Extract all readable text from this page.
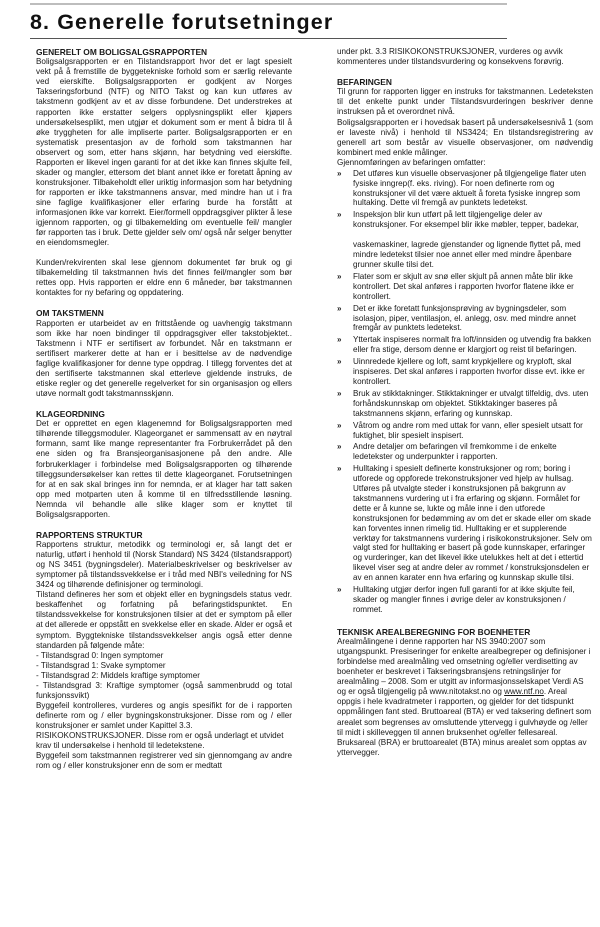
8. Generelle forutsetninger

GENERELT OM BOLIGSALGSRAPPORTEN

Boligsalgsrapporten er en Tilstandsrapport hvor det er lagt spesielt vekt på å fremstille de byggetekniske forhold som er særlig relevante ved eierskifte. Boligsalgsrapporten er godkjent av Norges Takseringsforbund (NTF) og NITO Takst og kan kun utføres av takstmenn godkjent av et av disse forbundene. Det understrekes at rapporten ikke erstatter selgers opplysningsplikt eller kjøpers undersøkelsesplikt, men utgjør et dokument som er ment å bidra til å øke tryggheten for alle impliserte parter. Boligsalgsrapporten er en systematisk presentasjon av de forhold som takstmannen har observert og som, etter hans skjønn, har betydning ved eierskifte. Rapporten er likevel ingen garanti for at det ikke kan finnes skjulte feil, skader og mangler, ettersom det blant annet ikke er foretatt åpning av konstruksjoner. Tilbakeholdt eller uriktig informasjon som har betydning for rapporten er ikke takstmannens ansvar, med mindre han ut i fra sine faglige kvalifikasjoner eller erfaring burde ha forstått at informasjonen ikke var korrekt. Eier/formell oppdragsgiver plikter å lese igjennom rapporten, og gi tilbakemelding om eventuelle feil/ mangler før rapporten tas i bruk. Dette gjelder selv om/ også når selger benytter en eiendomsmegler.

Kunden/rekvirenten skal lese gjennom dokumentet før bruk og gi tilbakemelding til takstmannen hvis det finnes feil/mangler som bør rettes opp. Hvis rapporten er eldre enn 6 måneder, bør takstmannen kontaktes for ny befaring og oppdatering.

OM TAKSTMENN

Rapporten er utarbeidet av en frittstående og uavhengig takstmann som ikke har noen bindinger til oppdragsgiver eller takstobjektet.. Takstmenn i NTF er sertifisert av forbundet. Når en takstmann er sertifisert markerer dette at han er i besittelse av de nødvendige faglige kvalifikasjoner for denne type oppdrag. I tillegg forventes det at den sertifiserte takstmannen skal etterleve gjeldende instruks, de etiske regler og det generelle regelverket for sin organisasjon og ellers utøve normalt godt takstmannsskjønn.

KLAGEORDNING

Det er opprettet en egen klagenemnd for Boligsalgsrapporten med tilhørende tilleggsmoduler. Klageorganet er sammensatt av en nøytral formann, samt like mange representanter fra Forbrukerrådet på den ene siden og fra Bransjeorganisasjonene på den andre. Alle forbrukerklager i forbindelse med Boligsalgsrapporten og tilhørende tilleggsundersøkelser kan rettes til dette klageorganet. Forutsetningen for at en sak skal bringes inn for nemnda, er at klager har tatt saken opp med motparten uten å komme til en tilfredsstillende løsning. Nemnda vil behandle alle slike klager som er knyttet til Boligsalgsrapporten.

RAPPORTENS STRUKTUR

Rapportens struktur, metodikk og terminologi er, så langt det er naturlig, utført i henhold til (Norsk Standard) NS 3424 (tilstandsrapport) og NS 3451 (bygningsdeler). Materialbeskrivelser og beskrivelser av symptomer på tilstandssvekkelse er i tråd med NBI's veiledning for NS 3424 og tilhørende definisjoner og terminologi.

Tilstand defineres her som et objekt eller en bygningsdels status vedr. beskaffenhet og forfatning på befaringstidspunktet. En tilstandssvekkelse for konstruksjonen tilsier at det er symptom på eller at det allerede er oppstått en svekkelse eller en skade. Alder er også et symptom. Byggtekniske tilstandssvekkelser angis også etter denne standarden på følgende måte:

- Tilstandsgrad 0: Ingen symptomer

- Tilstandsgrad 1: Svake symptomer

- Tilstandsgrad 2: Middels kraftige symptomer

- Tilstandsgrad 3: Kraftige symptomer (også sammenbrudd og total funksjonssvikt)

Byggefeil kontrolleres, vurderes og angis spesifikt for de i rapporten definerte rom og / eller bygningskonstruksjoner. Disse rom og / eller konstruksjoner er samlet under Kapittel 3.3.

RISIKOKONSTRUKSJONER. Disse rom er også underlagt et utvidet krav til undersøkelse i henhold til ledetekstene.

Byggefeil som takstmannen registrerer ved sin gjennomgang av andre rom og / eller konstruksjoner enn de som er medtatt

under pkt. 3.3 RISIKOKONSTRUKSJONER, vurderes og avvik kommenteres under tilstandsvurdering og konsekvens forøvrig.

BEFARINGEN

Til grunn for rapporten ligger en instruks for takstmannen. Ledeteksten til det enkelte punkt under Tilstandsvurderingen beskriver denne instruksen på et overordnet nivå.

Boligsalgsrapporten er i hovedsak basert på undersøkelsesnivå 1 (som er laveste nivå) i henhold til NS3424; En tilstandsregistrering av generell art som består av visuelle observasjoner, om nødvendig kombinert med enkle målinger.

Gjennomføringen av befaringen omfatter:

» Det utføres kun visuelle observasjoner på tilgjengelige flater uten fysiske inngrep(f. eks. riving). For noen definerte rom og konstruksjoner vil det være aktuelt å foreta fysiske inngrep som hultaking. Dette vil fremgå av punktets ledetekst.
» Inspeksjon blir kun utført på lett tilgjengelige deler av konstruksjoner. For eksempel blir ikke møbler, tepper, badekar,
vaskemaskiner, lagrede gjenstander og lignende flyttet på, med mindre ledetekst tilsier noe annet eller med mindre åpenbare grunner skulle tilsi det.
» Flater som er skjult av snø eller skjult på annen måte blir ikke kontrollert. Det skal anføres i rapporten hvorfor flatene ikke er kontrollert.
» Det er ikke foretatt funksjonsprøving av bygningsdeler, som isolasjon, piper, ventilasjon, el. anlegg, osv. med mindre annet fremgår av punktets ledetekst.
» Yttertak inspiseres normalt fra loft/innsiden og utvendig fra bakken eller fra stige, dersom denne er klargjort og reist til befaringen.
» Uinnredede kjellere og loft, samt krypkjellere og kryploft, skal inspiseres. Det skal anføres i rapporten hvorfor disse evt. ikke er kontrollert.
» Bruk av stikktakninger. Stikktakninger er utvalgt tilfeldig, dvs. uten forhåndskunnskap om objektet. Stikktakinger baseres på takstmannens skjønn, erfaring og kunnskap.
» Våtrom og andre rom med uttak for vann, eller spesielt utsatt for fuktighet, blir spesielt inspisert.
» Andre detaljer om befaringen vil fremkomme i de enkelte ledetekster og underpunkter i rapporten.
» Hulltaking i spesielt definerte konstruksjoner og rom; boring i utforede og oppforede trekonstruksjoner ved hjelp av hullsag. Utføres på utvalgte steder i konstruksjonen på bakgrunn av takstmannens vurdering ut i fra erfaring og skjønn. Formålet for dette er å kunne se, lukte og måle inne i den utforede konstruksjonen for bedømming av om det er skade eller om skade kan forventes innen rimelig tid. Hulltaking er et supplerende verktøy for takstmannens vurdering i risikokonstruksjoner. Selv om valgt sted for hulltaking er basert på gode kunnskaper, erfaringer og vurderinger, kan det likevel ikke utelukkes helt at det i ettertid likevel viser seg at andre deler av rommet / konstruksjonsdelen er av en annen karater enn hva erfaring og kunnskap skulle tilsi.
» Hulltaking utgjør derfor ingen full garanti for at ikke skjulte feil, skader og mangler finnes i øvrige deler av konstruksjonen / rommet.

TEKNISK AREALBEREGNING FOR BOENHETER

Arealmålingene i denne rapporten har NS 3940:2007 som utgangspunkt. Presiseringer for enkelte arealbegreper og definisjoner i forbindelse med arealmåling ved omsetning og/eller verdisetting av boenheter er beskrevet i Takseringsbransjens retningslinjer for arealmåling – 2008. Som er utgitt av informasjonsselskapet Verdi AS og er også tilgjengelig på www.nitotakst.no og www.ntf.no. Areal oppgis i hele kvadratmeter i rapporten, og gjelder for det tidspunkt oppmålingen fant sted. Bruttoareal (BTA) er ved taksering definert som arealet som begrenses av omsluttende yttervegg i gulvhøyde og /eller til midt i skilleveggen til annen bruksenhet og/eller fellesareal. Bruksareal (BRA) er bruttoarealet (BTA) minus arealet som opptas av yttervegger.
